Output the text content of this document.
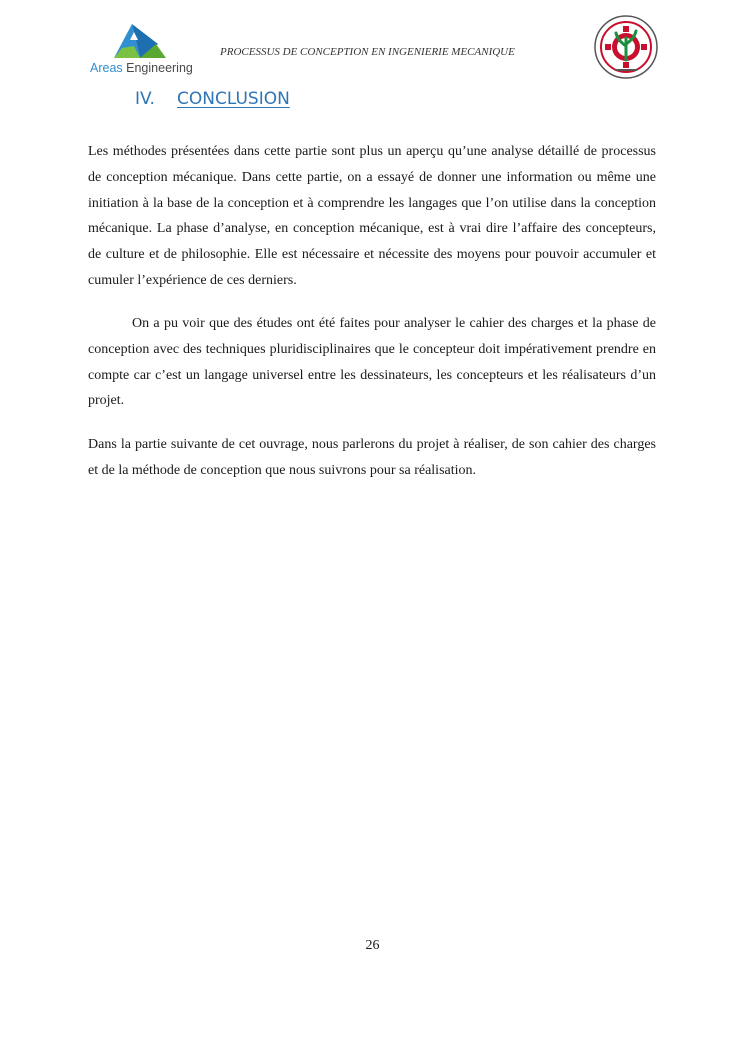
Areas Engineering
PROCESSUS DE CONCEPTION EN INGENIERIE MECANIQUE
IV. CONCLUSION

Les méthodes présentées dans cette partie sont plus un aperçu qu’une analyse détaillé de processus de conception mécanique. Dans cette partie, on a essayé de donner une information ou même une initiation à la base de la conception et à comprendre les langages que l’on utilise dans la conception mécanique. La phase d’analyse, en conception mécanique, est à vrai dire l’affaire des concepteurs, de culture et de philosophie. Elle est nécessaire et nécessite des moyens pour pouvoir accumuler et cumuler l’expérience de ces derniers.

On a pu voir que des études ont été faites pour analyser le cahier des charges et la phase de conception avec des techniques pluridisciplinaires que le concepteur doit impérativement prendre en compte car c’est un langage universel entre les dessinateurs, les concepteurs et les réalisateurs d’un projet.

Dans la partie suivante de cet ouvrage, nous parlerons du projet à réaliser, de son cahier des charges et de la méthode de conception que nous suivrons pour sa réalisation.

26
